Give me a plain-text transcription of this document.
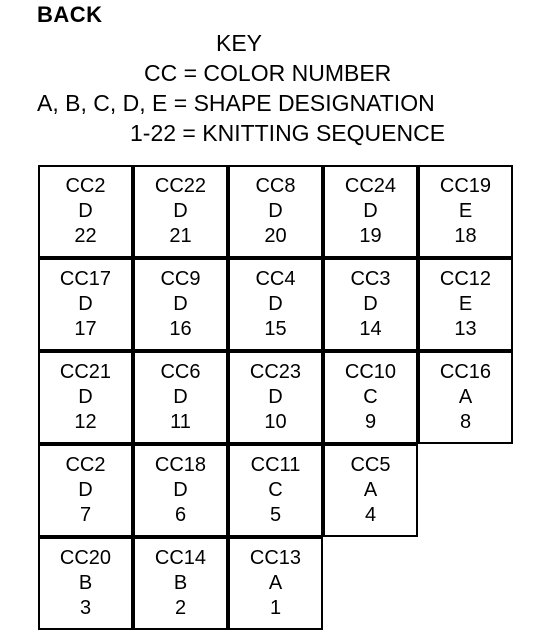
BACK
KEY
CC = COLOR NUMBER
A, B, C, D, E = SHAPE DESIGNATION
1-22 = KNITTING SEQUENCE
CC2
D
22
CC22
D
21
CC8
D
20
CC24
D
19
CC19
E
18
CC17
D
17
CC9
D
16
CC4
D
15
CC3
D
14
CC12
E
13
CC21
D
12
CC6
D
11
CC23
D
10
CC10
C
9
CC16
A
8
CC2
D
7
CC18
D
6
CC11
C
5
CC5
A
4
CC20
B
3
CC14
B
2
CC13
A
1
